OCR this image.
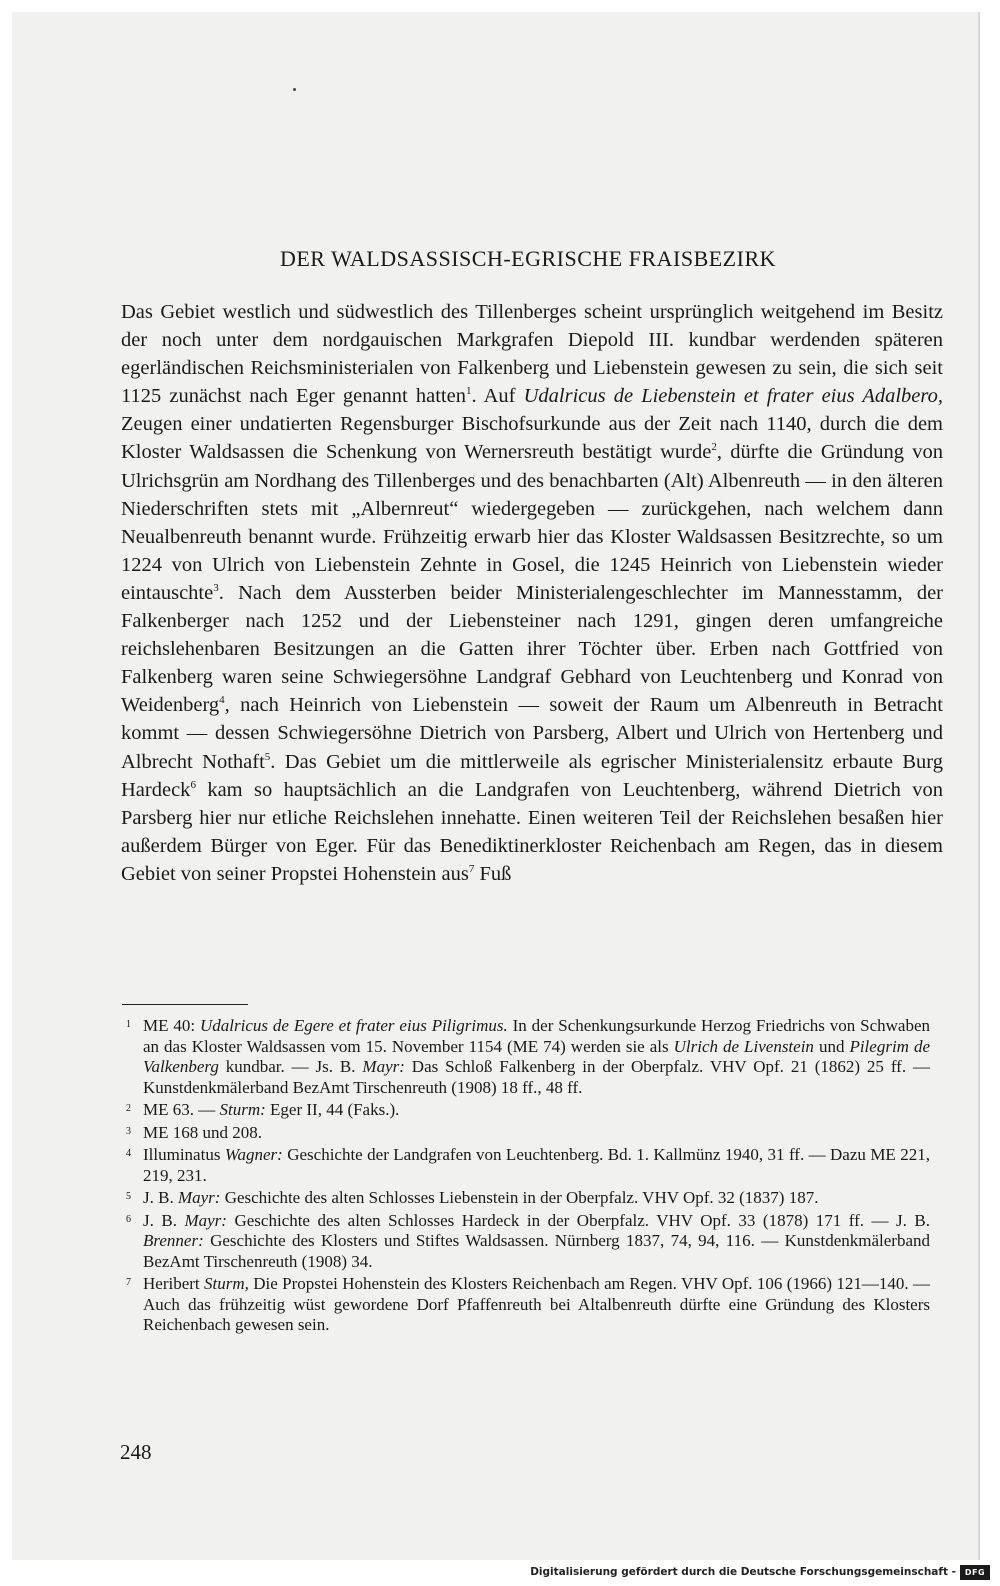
DER WALDSASSISCH-EGRISCHE FRAISBEZIRK

Das Gebiet westlich und südwestlich des Tillenberges scheint ursprünglich weitgehend im Besitz der noch unter dem nordgauischen Markgrafen Diepold III. kundbar werdenden späteren egerländischen Reichsministerialen von Falkenberg und Liebenstein gewesen zu sein, die sich seit 1125 zunächst nach Eger genannt hatten$^1$. Auf Udalricus de Liebenstein et frater eius Adalbero, Zeugen einer undatierten Regensburger Bischofsurkunde aus der Zeit nach 1140, durch die dem Kloster Waldsassen die Schenkung von Wernersreuth bestätigt wurde$^2$, dürfte die Gründung von Ulrichsgrün am Nordhang des Tillenberges und des benachbarten (Alt) Albenreuth — in den älteren Niederschriften stets mit „Albernreut“ wiedergegeben — zurückgehen, nach welchem dann Neualbenreuth benannt wurde. Frühzeitig erwarb hier das Kloster Waldsassen Besitzrechte, so um 1224 von Ulrich von Liebenstein Zehnte in Gosel, die 1245 Heinrich von Liebenstein wieder eintauschte$^3$. Nach dem Aussterben beider Ministerialengeschlechter im Mannesstamm, der Falkenberger nach 1252 und der Liebensteiner nach 1291, gingen deren umfangreiche reichslehenbaren Besitzungen an die Gatten ihrer Töchter über. Erben nach Gottfried von Falkenberg waren seine Schwiegersöhne Landgraf Gebhard von Leuchtenberg und Konrad von Weidenberg$^4$, nach Heinrich von Liebenstein — soweit der Raum um Albenreuth in Betracht kommt — dessen Schwiegersöhne Dietrich von Parsberg, Albert und Ulrich von Hertenberg und Albrecht Nothaft$^5$. Das Gebiet um die mittlerweile als egrischer Ministerialensitz erbaute Burg Hardeck$^6$ kam so hauptsächlich an die Landgrafen von Leuchtenberg, während Dietrich von Parsberg hier nur etliche Reichslehen innehatte. Einen weiteren Teil der Reichslehen besaßen hier außerdem Bürger von Eger. Für das Benediktinerkloster Reichenbach am Regen, das in diesem Gebiet von seiner Propstei Hohenstein aus$^7$ Fuß

1 ME 40: Udalricus de Egere et frater eius Piligrimus. In der Schenkungsurkunde Herzog Friedrichs von Schwaben an das Kloster Waldsassen vom 15. November 1154 (ME 74) werden sie als Ulrich de Livenstein und Pilegrim de Valkenberg kundbar. — Js. B. Mayr: Das Schloß Falkenberg in der Oberpfalz. VHV Opf. 21 (1862) 25 ff. — Kunstdenkmälerband BezAmt Tirschenreuth (1908) 18 ff., 48 ff.
2 ME 63. — Sturm: Eger II, 44 (Faks.).
3 ME 168 und 208.
4 Illuminatus Wagner: Geschichte der Landgrafen von Leuchtenberg. Bd. 1. Kallmünz 1940, 31 ff. — Dazu ME 221, 219, 231.
5 J. B. Mayr: Geschichte des alten Schlosses Liebenstein in der Oberpfalz. VHV Opf. 32 (1837) 187.
6 J. B. Mayr: Geschichte des alten Schlosses Hardeck in der Oberpfalz. VHV Opf. 33 (1878) 171 ff. — J. B. Brenner: Geschichte des Klosters und Stiftes Waldsassen. Nürnberg 1837, 74, 94, 116. — Kunstdenkmälerband BezAmt Tirschenreuth (1908) 34.
7 Heribert Sturm, Die Propstei Hohenstein des Klosters Reichenbach am Regen. VHV Opf. 106 (1966) 121—140. — Auch das frühzeitig wüst gewordene Dorf Pfaffenreuth bei Altalbenreuth dürfte eine Gründung des Klosters Reichenbach gewesen sein.
248
Digitalisierung gefördert durch die Deutsche Forschungsgemeinschaft -	DFG
